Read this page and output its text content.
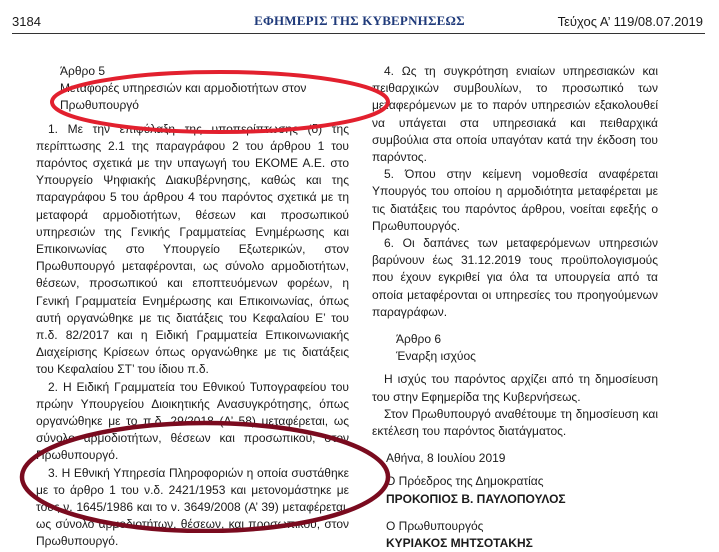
3184	ΕΦΗΜΕΡΙΣ ΤΗΣ ΚΥΒΕΡΝΗΣΕΩΣ	Τεύχος Α’ 119/08.07.2019

Άρθρο 5

Μεταφορές υπηρεσιών και αρμοδιοτήτων στον Πρωθυπουργό

1. Με την επιφύλαξη της υποπερίπτωσης (δ) της περίπτωσης 2.1 της παραγράφου 2 του άρθρου 1 του παρόντος σχετικά με την υπαγωγή του ΕΚΟΜΕ Α.Ε. στο Υπουργείο Ψηφιακής Διακυβέρνησης, καθώς και της παραγράφου 5 του άρθρου 4 του παρόντος σχετικά με τη μεταφορά αρμοδιοτήτων, θέσεων και προσωπικού υπηρεσιών της Γενικής Γραμματείας Ενημέρωσης και Επικοινωνίας στο Υπουργείο Εξωτερικών, στον Πρωθυπουργό μεταφέρονται, ως σύνολο αρμοδιοτήτων, θέσεων, προσωπικού και εποπτευόμενων φορέων, η Γενική Γραμματεία Ενημέρωσης και Επικοινωνίας, όπως αυτή οργανώθηκε με τις διατάξεις του Κεφαλαίου Ε’ του π.δ. 82/2017 και η Ειδική Γραμματεία Επικοινωνιακής Διαχείρισης Κρίσεων όπως οργανώθηκε με τις διατάξεις του Κεφαλαίου ΣΤ’ του ίδιου π.δ.

2. Η Ειδική Γραμματεία του Εθνικού Τυπογραφείου του πρώην Υπουργείου Διοικητικής Ανασυγκρότησης, όπως οργανώθηκε με το π.δ. 29/2018 (Α’ 58) μεταφέρεται, ως σύνολο αρμοδιοτήτων, θέσεων και προσωπικού, στον Πρωθυπουργό.

3. Η Εθνική Υπηρεσία Πληροφοριών η οποία συστάθηκε με το άρθρο 1 του ν.δ. 2421/1953 και μετονομάστηκε με τους ν. 1645/1986 και το ν. 3649/2008 (Α’ 39) μεταφέρεται, ως σύνολο αρμοδιοτήτων, θέσεων, και προσωπικού, στον Πρωθυπουργό.

4. Ως τη συγκρότηση ενιαίων υπηρεσιακών και πειθαρχικών συμβουλίων, το προσωπικό των μεταφερόμενων με το παρόν υπηρεσιών εξακολουθεί να υπάγεται στα υπηρεσιακά και πειθαρχικά συμβούλια στα οποία υπαγόταν κατά την έκδοση του παρόντος.

5. Όπου στην κείμενη νομοθεσία αναφέρεται Υπουργός του οποίου η αρμοδιότητα μεταφέρεται με τις διατάξεις του παρόντος άρθρου, νοείται εφεξής ο Πρωθυπουργός.

6. Οι δαπάνες των μεταφερόμενων υπηρεσιών βαρύνουν έως 31.12.2019 τους προϋπολογισμούς που έχουν εγκριθεί για όλα τα υπουργεία από τα οποία μεταφέρονται οι υπηρεσίες του προηγούμενων παραγράφων.

Άρθρο 6

Έναρξη ισχύος

Η ισχύς του παρόντος αρχίζει από τη δημοσίευση του στην Εφημερίδα της Κυβερνήσεως.

Στον Πρωθυπουργό αναθέτουμε τη δημοσίευση και εκτέλεση του παρόντος διατάγματος.

Αθήνα, 8 Ιουλίου 2019

Ο Πρόεδρος της Δημοκρατίας

ΠΡΟΚΟΠΙΟΣ Β. ΠΑΥΛΟΠΟΥΛΟΣ

Ο Πρωθυπουργός

ΚΥΡΙΑΚΟΣ ΜΗΤΣΟΤΑΚΗΣ
